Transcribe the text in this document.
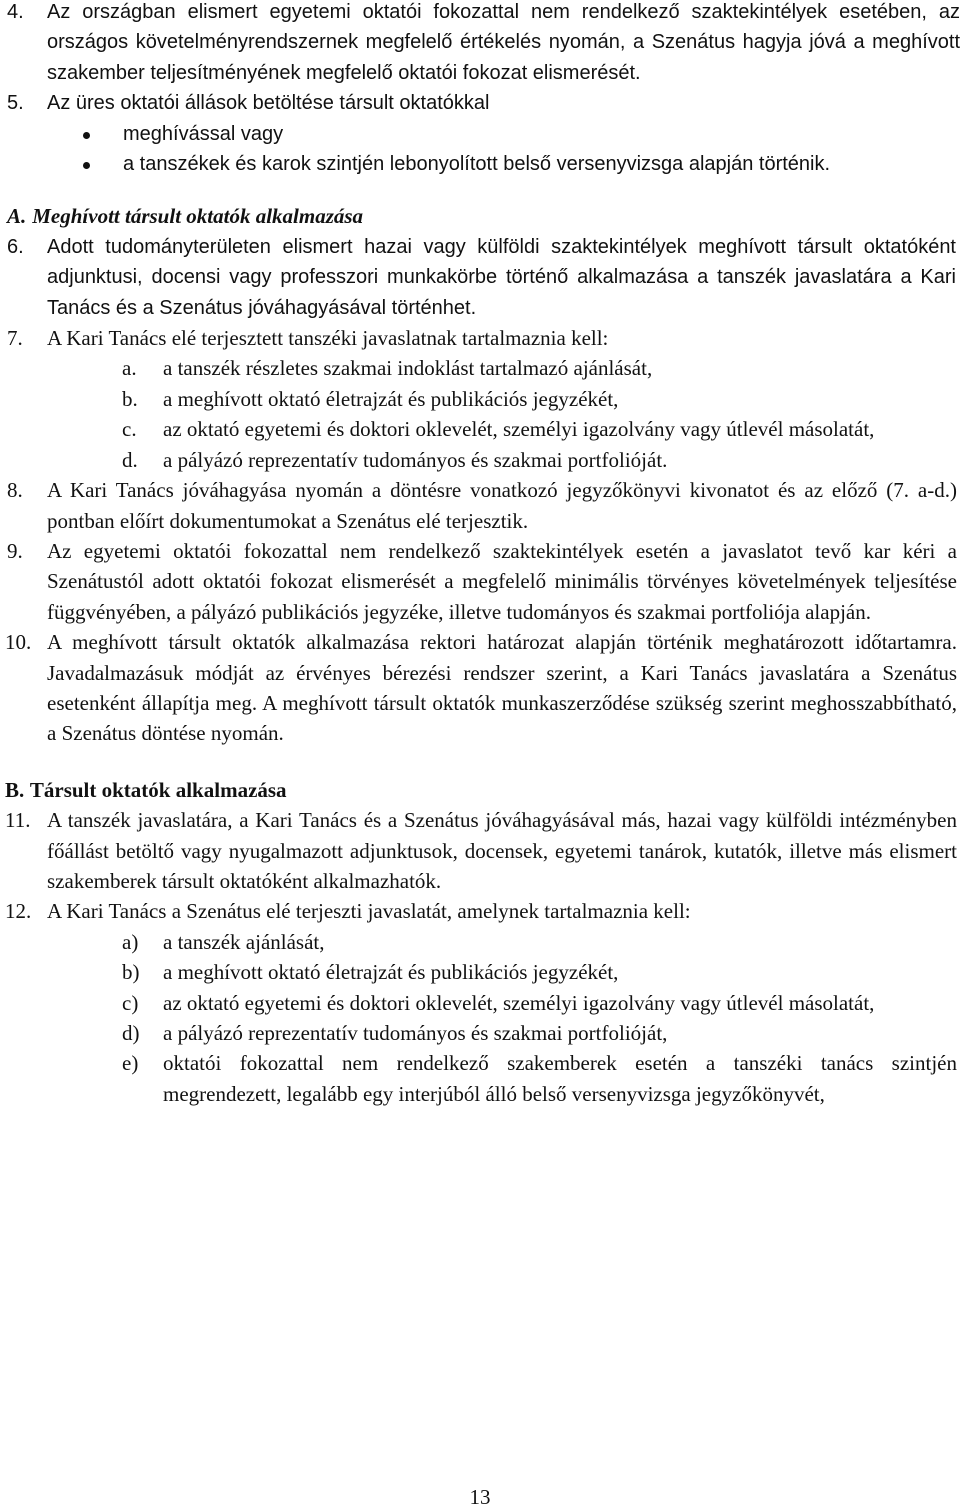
4.	Az országban elismert egyetemi oktatói fokozattal nem rendelkező szaktekintélyek esetében, az országos követelményrendszernek megfelelő értékelés nyomán, a Szenátus hagyja jóvá a meghívott szakember teljesítményének megfelelő oktatói fokozat elismerését.
5.	Az üres oktatói állások betöltése társult oktatókkal
meghívással vagy
a tanszékek és karok szintjén lebonyolított belső versenyvizsga alapján történik.
A. Meghívott társult oktatók alkalmazása
6.	Adott tudományterületen elismert hazai vagy külföldi szaktekintélyek meghívott társult oktatóként adjunktusi, docensi vagy professzori munkakörbe történő alkalmazása a tanszék javaslatára a Kari Tanács és a Szenátus jóváhagyásával történhet.
7.	A Kari Tanács elé terjesztett tanszéki javaslatnak tartalmaznia kell:
a.	a tanszék részletes szakmai indoklást tartalmazó ajánlását,
b.	a meghívott oktató életrajzát és publikációs jegyzékét,
c.	az oktató egyetemi és doktori oklevelét, személyi igazolvány vagy útlevél másolatát,
d.	a pályázó reprezentatív tudományos és szakmai portfolióját.
8.	A Kari Tanács jóváhagyása nyomán a döntésre vonatkozó jegyzőkönyvi kivonatot és az előző (7. a-d.) pontban előírt dokumentumokat a Szenátus elé terjesztik.
9.	Az egyetemi oktatói fokozattal nem rendelkező szaktekintélyek esetén a javaslatot tevő kar kéri a Szenátustól adott oktatói fokozat elismerését a megfelelő minimális törvényes követelmények teljesítése függvényében, a pályázó publikációs jegyzéke, illetve tudományos és szakmai portfoliója alapján.
10. A meghívott társult oktatók alkalmazása rektori határozat alapján történik meghatározott időtartamra. Javadalmazásuk módját az érvényes bérezési rendszer szerint, a Kari Tanács javaslatára a Szenátus esetenként állapítja meg. A meghívott társult oktatók munkaszerződése szükség szerint meghosszabbítható, a Szenátus döntése nyomán.
B. Társult oktatók alkalmazása
11. A tanszék javaslatára, a Kari Tanács és a Szenátus jóváhagyásával más, hazai vagy külföldi intézményben főállást betöltő vagy nyugalmazott adjunktusok, docensek, egyetemi tanárok, kutatók, illetve más elismert szakemberek társult oktatóként alkalmazhatók.
12. A Kari Tanács a Szenátus elé terjeszti javaslatát, amelynek tartalmaznia kell:
a)	a tanszék ajánlását,
b)	a meghívott oktató életrajzát és publikációs jegyzékét,
c)	az oktató egyetemi és doktori oklevelét, személyi igazolvány vagy útlevél másolatát,
d)	a pályázó reprezentatív tudományos és szakmai portfolióját,
e)	oktatói fokozattal nem rendelkező szakemberek esetén a tanszéki tanács szintjén megrendezett, legalább egy interjúból álló belső versenyvizsga jegyzőkönyvét,
13
